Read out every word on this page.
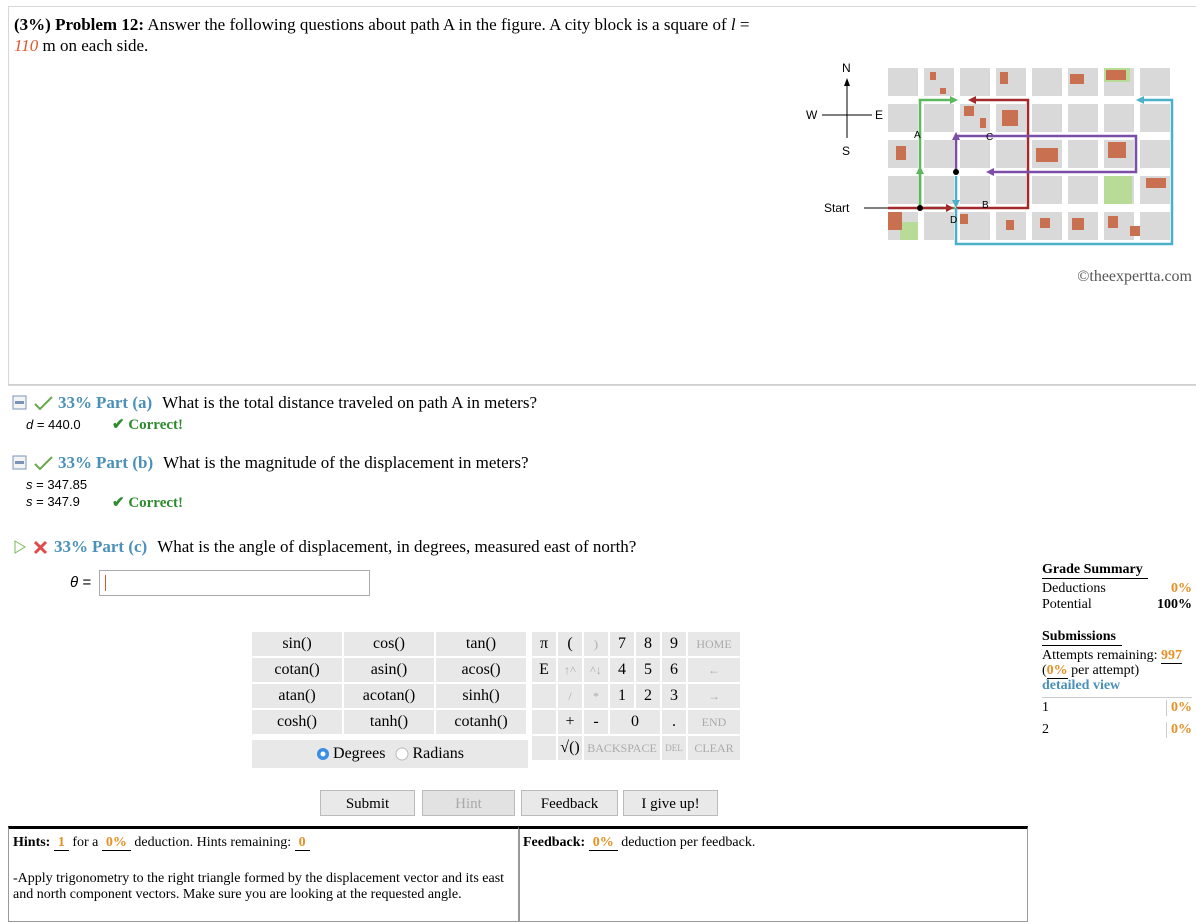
(3%) Problem 12: Answer the following questions about path A in the figure. A city block is a square of l = 110 m on each side.
N
S
E
W
Start
A
B
C
D
©theexpertta.com
33% Part (a) What is the total distance traveled on path A in meters?
d = 440.0 ✔ Correct!
33% Part (b) What is the magnitude of the displacement in meters?
s = 347.85
s = 347.9 ✔ Correct!
33% Part (c) What is the angle of displacement, in degrees, measured east of north?
θ =
sin()	cos()	tan()
cotan()	asin()	acos()
atan()	acotan()	sinh()
cosh()	tanh()	cotanh()
Degrees Radians
π	(	)	7	8	9	HOME
E	↑^	^↓	4	5	6	←
	/	*	1	2	3	→
	+	-	0		.	END
	√()	BACKSPACE			DEL	CLEAR
Submit	Hint	Feedback	I give up!
Hints: 1 for a 0% deduction. Hints remaining: 0
-Apply trigonometry to the right triangle formed by the displacement vector and its east and north component vectors. Make sure you are looking at the requested angle.
Feedback: 0% deduction per feedback.
Grade Summary
Deductions	0%
Potential	100%
Submissions
Attempts remaining: 997
(0% per attempt)
detailed view
1	0%
2	0%
